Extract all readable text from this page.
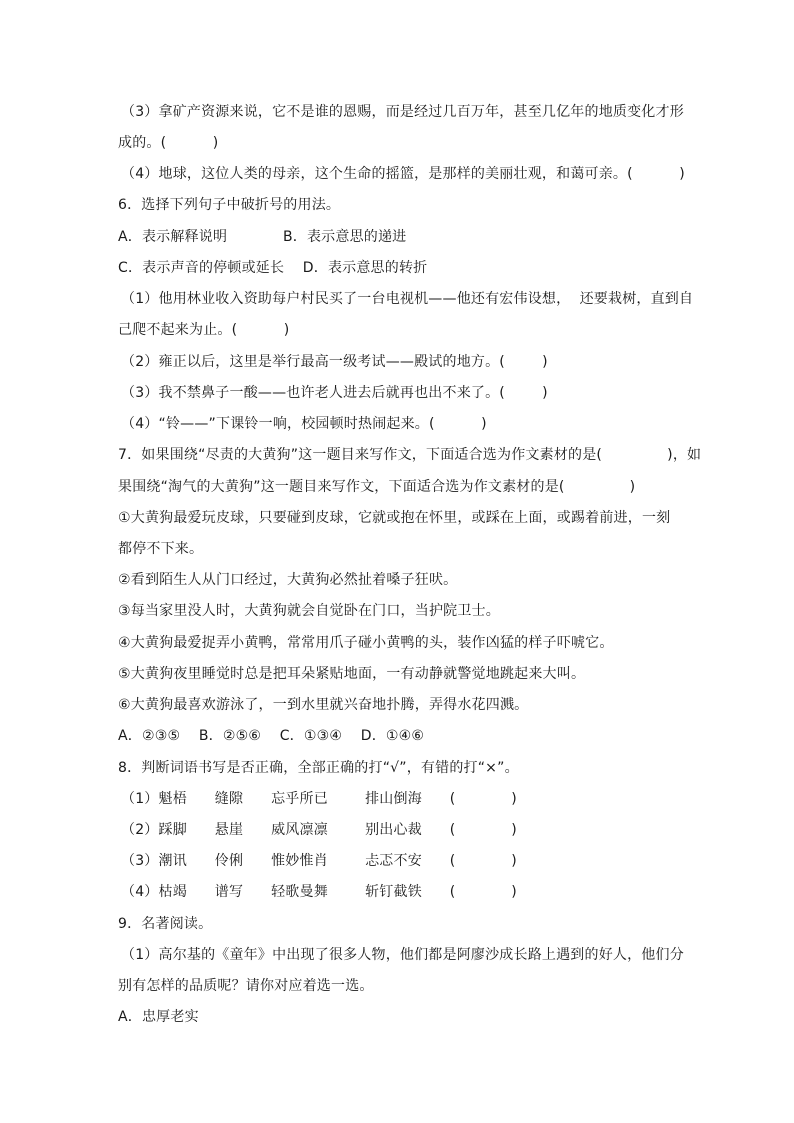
（3）拿矿产资源来说，它不是谁的恩赐，而是经过几百万年，甚至几亿年的地质变化才形
成的。(          )
（4）地球，这位人类的母亲，这个生命的摇篮，是那样的美丽壮观，和蔼可亲。(          )
6．选择下列句子中破折号的用法。
A．表示解释说明            B．表示意思的递进
C．表示声音的停顿或延长    D．表示意思的转折
（1）他用林业收入资助每户村民买了一台电视机——他还有宏伟设想，  还要栽树，直到自
己爬不起来为止。(          )
（2）雍正以后，这里是举行最高一级考试——殿试的地方。(        )
（3）我不禁鼻子一酸——也许老人进去后就再也出不来了。(        )
（4）“铃——”下课铃一响，校园顿时热闹起来。(          )
7．如果围绕“尽责的大黄狗”这一题目来写作文，下面适合选为作文素材的是(              )，如
果围绕“淘气的大黄狗”这一题目来写作文，下面适合选为作文素材的是(              )
①大黄狗最爱玩皮球，只要碰到皮球，它就或抱在怀里，或踩在上面，或踢着前进，一刻
都停不下来。
②看到陌生人从门口经过，大黄狗必然扯着嗓子狂吠。
③每当家里没人时，大黄狗就会自觉卧在门口，当护院卫士。
④大黄狗最爱捉弄小黄鸭，常常用爪子碰小黄鸭的头，装作凶猛的样子吓唬它。
⑤大黄狗夜里睡觉时总是把耳朵紧贴地面，一有动静就警觉地跳起来大叫。
⑥大黄狗最喜欢游泳了，一到水里就兴奋地扑腾，弄得水花四溅。
A．②③⑤    B．②⑤⑥    C．①③④    D．①④⑥
8．判断词语书写是否正确，全部正确的打“√”，有错的打“×”。
（1）魁梧      缝隙      忘乎所已        排山倒海      (            )
（2）踩脚      悬崖      威风凛凛        别出心裁      (            )
（3）潮讯      伶俐      惟妙惟肖        忐忑不安      (            )
（4）枯竭      谱写      轻歌曼舞        斩钉截铁      (            )
9．名著阅读。
（1）高尔基的《童年》中出现了很多人物，他们都是阿廖沙成长路上遇到的好人，他们分
别有怎样的品质呢？请你对应着选一选。
A．忠厚老实
